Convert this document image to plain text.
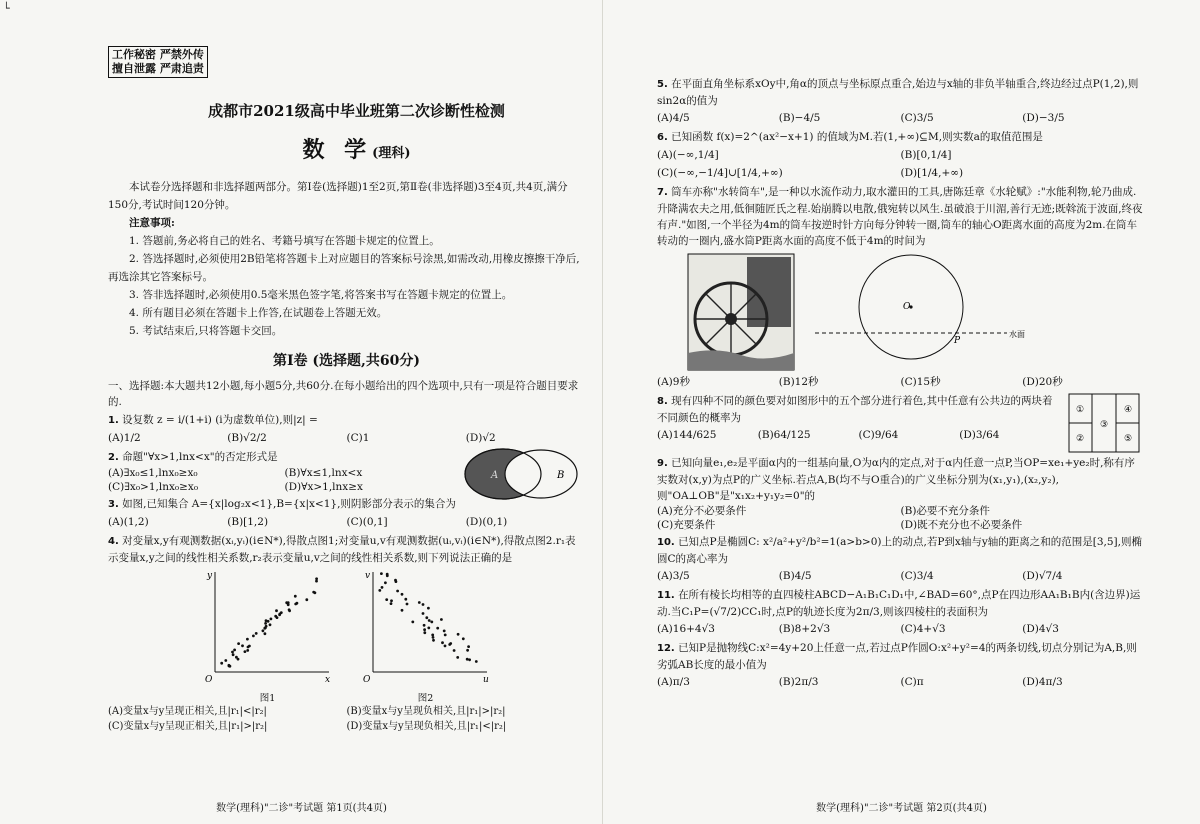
└
工作秘密 严禁外传
擅自泄露 严肃追责
成都市2021级高中毕业班第二次诊断性检测
数 学(理科)

本试卷分选择题和非选择题两部分。第Ⅰ卷(选择题)1至2页,第Ⅱ卷(非选择题)3至4页,共4页,满分150分,考试时间120分钟。

注意事项:

1. 答题前,务必将自己的姓名、考籍号填写在答题卡规定的位置上。

2. 答选择题时,必须使用2B铅笔将答题卡上对应题目的答案标号涂黑,如需改动,用橡皮擦擦干净后,再选涂其它答案标号。

3. 答非选择题时,必须使用0.5毫米黑色签字笔,将答案书写在答题卡规定的位置上。

4. 所有题目必须在答题卡上作答,在试题卷上答题无效。

5. 考试结束后,只将答题卡交回。

第Ⅰ卷 (选择题,共60分)

一、选择题:本大题共12小题,每小题5分,共60分.在每小题给出的四个选项中,只有一项是符合题目要求的.

1. 设复数 z = i/(1+i) (i为虚数单位),则|z| =

(A)1/2	(B)√2/2	(C)1	(D)√2

2. 命题"∀x>1,lnx<x"的否定形式是

(A)∃x₀≤1,lnx₀≥x₀	(B)∀x≤1,lnx<x
(C)∃x₀>1,lnx₀≥x₀	(D)∀x>1,lnx≥x

3. 如图,已知集合 A={x|log₂x<1},B={x|x<1},则阴影部分表示的集合为

A	B
(A)(1,2)	(B)[1,2)	(C)(0,1]	(D)(0,1)

4. 对变量x,y有观测数据(xᵢ,yᵢ)(i∈N*),得散点图1;对变量u,v有观测数据(uᵢ,vᵢ)(i∈N*),得散点图2.r₁表示变量x,y之间的线性相关系数,r₂表示变量u,v之间的线性相关系数,则下列说法正确的是

O	x
y
图1
O	u
v
图2
(A)变量x与y呈现正相关,且|r₁|<|r₂|	(B)变量x与y呈现负相关,且|r₁|>|r₂|
(C)变量x与y呈现正相关,且|r₁|>|r₂|	(D)变量x与y呈现负相关,且|r₁|<|r₂|
数学(理科)"二诊"考试题 第1页(共4页)

5. 在平面直角坐标系xOy中,角α的顶点与坐标原点重合,始边与x轴的非负半轴重合,终边经过点P(1,2),则sin2α的值为

(A)4/5	(B)−4/5	(C)3/5	(D)−3/5

6. 已知函数 f(x)=2^(ax²−x+1) 的值域为M.若(1,+∞)⊆M,则实数a的取值范围是

(A)(−∞,1/4]	(B)[0,1/4]
(C)(−∞,−1/4]∪[1/4,+∞)	(D)[1/4,+∞)

7. 筒车亦称"水转筒车",是一种以水流作动力,取水灌田的工具,唐陈廷章《水轮赋》:"水能利物,轮乃曲成.升降满农夫之用,低徊随匠氏之程.始崩腾以电散,俄宛转以风生.虽破浪于川湄,善行无迹;既斡流于波面,终夜有声."如图,一个半径为4m的筒车按逆时针方向每分钟转一圈,筒车的轴心O距离水面的高度为2m.在筒车转动的一圈内,盛水筒P距离水面的高度不低于4m的时间为

O
P
水面
(A)9秒	(B)12秒	(C)15秒	(D)20秒

8. 现有四种不同的颜色要对如图形中的五个部分进行着色,其中任意有公共边的两块着不同颜色的概率为

(A)144/625	(B)64/125	(C)9/64	(D)3/64
①
②
③
④
⑤

9. 已知向量e₁,e₂是平面α内的一组基向量,O为α内的定点,对于α内任意一点P,当OP=xe₁+ye₂时,称有序实数对(x,y)为点P的广义坐标.若点A,B(均不与O重合)的广义坐标分别为(x₁,y₁),(x₂,y₂),则"OA⊥OB"是"x₁x₂+y₁y₂=0"的

(A)充分不必要条件	(B)必要不充分条件
(C)充要条件	(D)既不充分也不必要条件

10. 已知点P是椭圆C: x²/a²+y²/b²=1(a>b>0)上的动点,若P到x轴与y轴的距离之和的范围是[3,5],则椭圆C的离心率为

(A)3/5	(B)4/5	(C)3/4	(D)√7/4

11. 在所有棱长均相等的直四棱柱ABCD−A₁B₁C₁D₁中,∠BAD=60°,点P在四边形AA₁B₁B内(含边界)运动.当C₁P=(√7/2)CC₁时,点P的轨迹长度为2π/3,则该四棱柱的表面积为

(A)16+4√3	(B)8+2√3	(C)4+√3	(D)4√3

12. 已知P是抛物线C:x²=4y+20上任意一点,若过点P作圆O:x²+y²=4的两条切线,切点分别记为A,B,则劣弧AB长度的最小值为

(A)π/3	(B)2π/3	(C)π	(D)4π/3
数学(理科)"二诊"考试题 第2页(共4页)
